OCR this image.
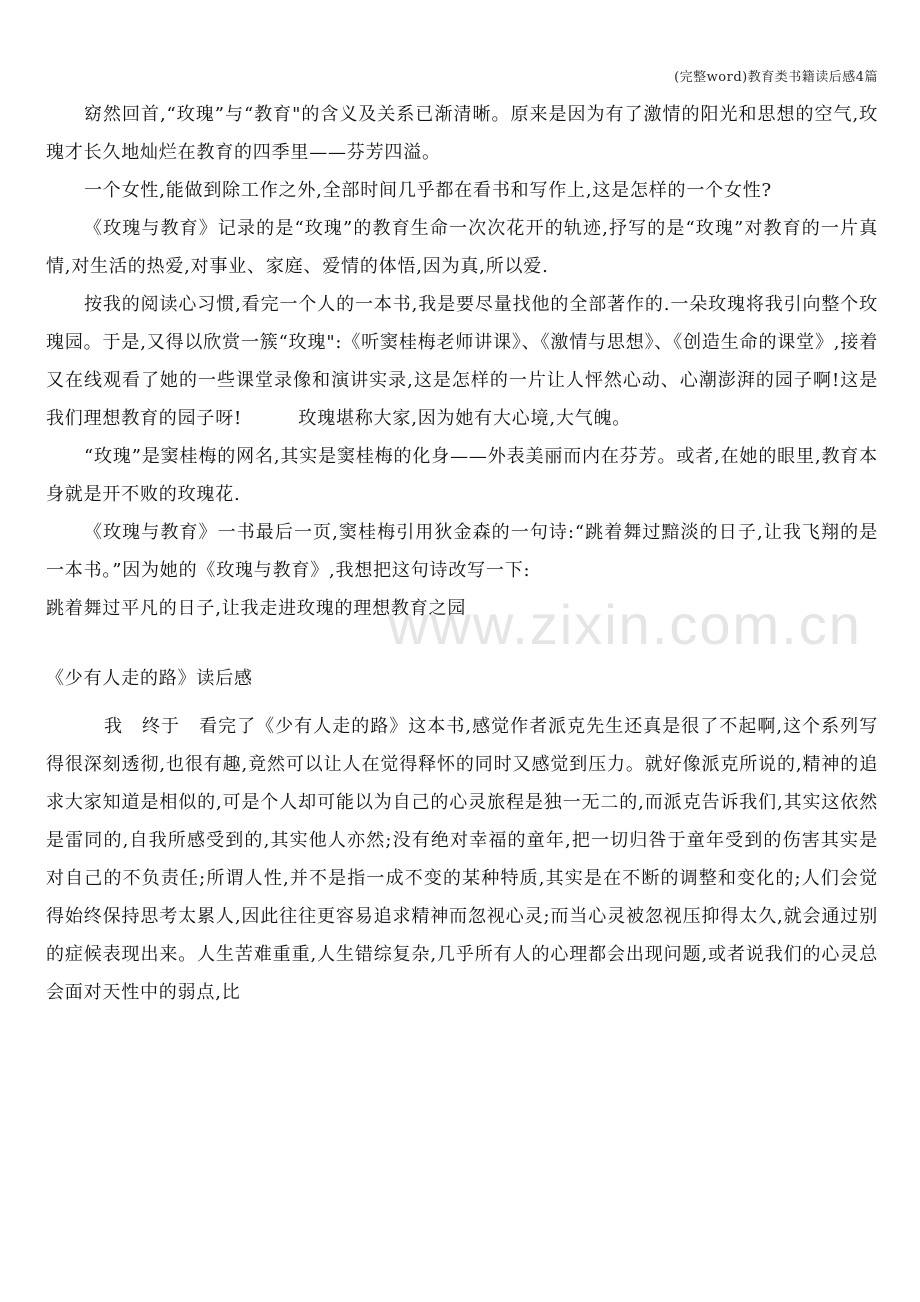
(完整word)教育类书籍读后感4篇

窈然回首,“玫瑰”与“教育"的含义及关系已渐清晰。原来是因为有了激情的阳光和思想的空气,玫瑰才长久地灿烂在教育的四季里——芬芳四溢。

一个女性,能做到除工作之外,全部时间几乎都在看书和写作上,这是怎样的一个女性?

《玫瑰与教育》记录的是“玫瑰”的教育生命一次次花开的轨迹,抒写的是“玫瑰”对教育的一片真情,对生活的热爱,对事业、家庭、爱情的体悟,因为真,所以爱.

按我的阅读心习惯,看完一个人的一本书,我是要尽量找他的全部著作的.一朵玫瑰将我引向整个玫瑰园。于是,又得以欣赏一簇“玫瑰":《听窦桂梅老师讲课》、《激情与思想》、《创造生命的课堂》,接着又在线观看了她的一些课堂录像和演讲实录,这是怎样的一片让人怦然心动、心潮澎湃的园子啊!这是我们理想教育的园子呀!　　　玫瑰堪称大家,因为她有大心境,大气魄。

“玫瑰”是窦桂梅的网名,其实是窦桂梅的化身——外表美丽而内在芬芳。或者,在她的眼里,教育本身就是开不败的玫瑰花.

《玫瑰与教育》一书最后一页,窦桂梅引用狄金森的一句诗:“跳着舞过黯淡的日子,让我飞翔的是一本书。”因为她的《玫瑰与教育》,我想把这句诗改写一下:

跳着舞过平凡的日子,让我走进玫瑰的理想教育之园

《少有人走的路》读后感

我　终于　看完了《少有人走的路》这本书,感觉作者派克先生还真是很了不起啊,这个系列写得很深刻透彻,也很有趣,竟然可以让人在觉得释怀的同时又感觉到压力。就好像派克所说的,精神的追求大家知道是相似的,可是个人却可能以为自己的心灵旅程是独一无二的,而派克告诉我们,其实这依然是雷同的,自我所感受到的,其实他人亦然;没有绝对幸福的童年,把一切归咎于童年受到的伤害其实是对自己的不负责任;所谓人性,并不是指一成不变的某种特质,其实是在不断的调整和变化的;人们会觉得始终保持思考太累人,因此往往更容易追求精神而忽视心灵;而当心灵被忽视压抑得太久,就会通过别的症候表现出来。人生苦难重重,人生错综复杂,几乎所有人的心理都会出现问题,或者说我们的心灵总会面对天性中的弱点,比

www.zixin.com.cn
